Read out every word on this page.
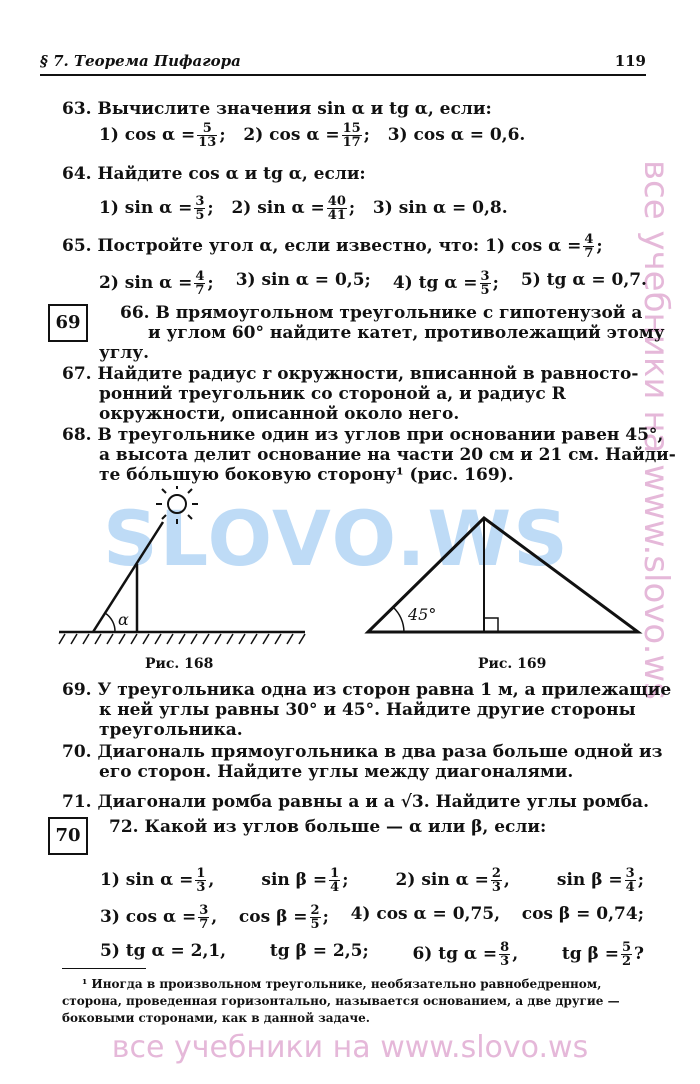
SLOVO.WS все учебники на www.slovo.ws
§ 7. Теорема Пифагора	119
63. Вычислите значения sin α и tg α, если:
1) $\cos \alpha = \frac{5}{13}$ ; 2) $\cos \alpha = \frac{15}{17}$ ; 3) cos α = 0,6.
64. Найдите cos α и tg α, если:
1) $\sin \alpha = \frac{3}{5}$ ; 2) $\sin \alpha = \frac{40}{41}$ ; 3) sin α = 0,8.
65. Постройте угол α, если известно, что: 1) $\cos \alpha = \frac{4}{7}$ ;
2) $\sin \alpha = \frac{4}{7}$ ; 3) sin α = 0,5; 4) tg $\alpha = \frac{3}{5}$ ; 5) tg α = 0,7.
69	66. В прямоугольном треугольнике с гипотенузой a
и углом 60° найдите катет, противолежащий этому
углу.
67. Найдите радиус r окружности, вписанной в равносто-
ронний треугольник со стороной a, и радиус R
окружности, описанной около него.
68. В треугольнике один из углов при основании равен 45°,
а высота делит основание на части 20 см и 21 см. Найди-
те бо́льшую боковую сторону¹ (рис. 169).
α
Рис. 168
45°
Рис. 169
69. У треугольника одна из сторон равна 1 м, а прилежащие
к ней углы равны 30° и 45°. Найдите другие стороны
треугольника.
70. Диагональ прямоугольника в два раза больше одной из
его сторон. Найдите углы между диагоналями.
71. Диагонали ромба равны a и a √3. Найдите углы ромба.
70	72. Какой из углов больше — α или β, если:
1) $\sin \alpha = \frac{1}{3}$ ,	$\sin \beta = \frac{1}{4}$ ;	2) $\sin \alpha = \frac{2}{3}$ ,	$\sin \beta = \frac{3}{4}$ ;
3) $\cos \alpha = \frac{3}{7}$ , $\cos \beta = \frac{2}{5}$ ; 4) cos α = 0,75, cos β = 0,74;
5) tg α = 2,1,	tg β = 2,5;	6) tg $\alpha = \frac{8}{3}$ ,	tg $\beta = \frac{5}{2}$ ?
¹ Иногда в произвольном треугольнике, необязательно равнобедренном,
сторона, проведенная горизонтально, называется основанием, а две другие —
боковыми сторонами, как в данной задаче.
все учебники на www.slovo.ws
